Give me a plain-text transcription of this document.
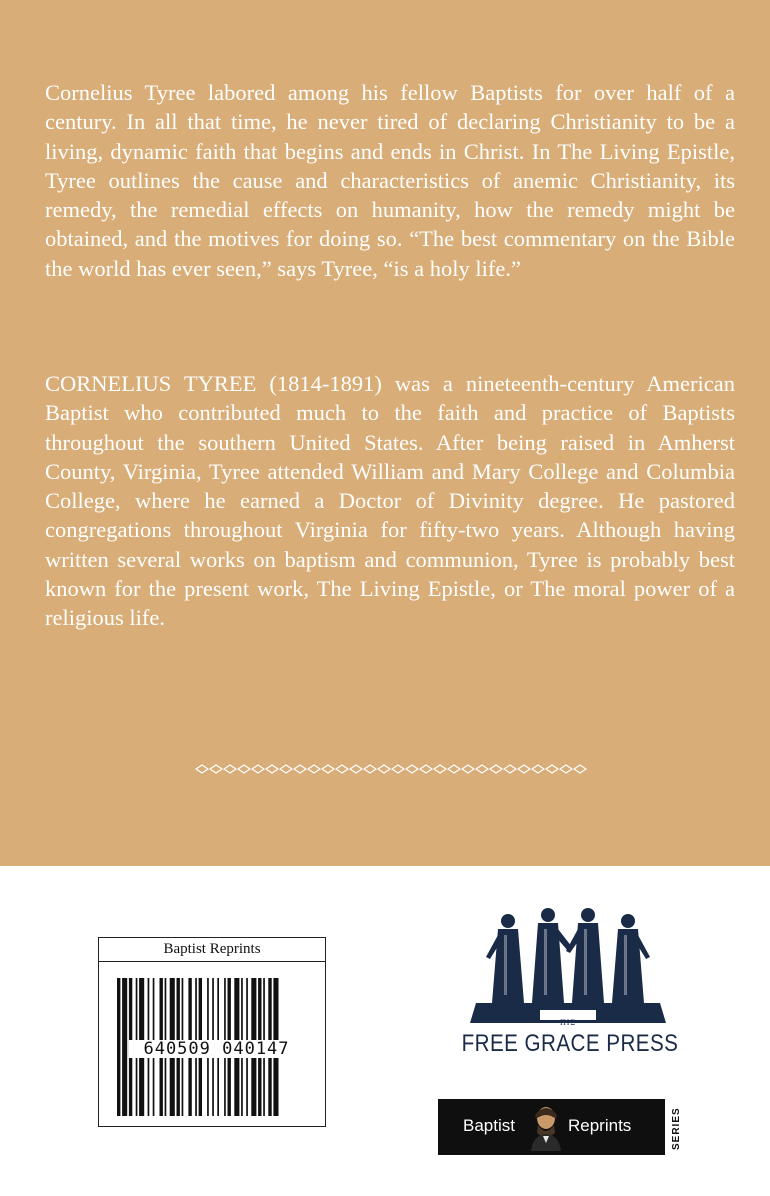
Cornelius Tyree labored among his fellow Baptists for over half of a century. In all that time, he never tired of declaring Christianity to be a living, dynamic faith that begins and ends in Christ. In The Living Epistle, Tyree outlines the cause and characteristics of anemic Christianity, its remedy, the remedial effects on humanity, how the remedy might be obtained, and the motives for doing so. “The best commentary on the Bible the world has ever seen,” says Tyree, “is a holy life.”

CORNELIUS TYREE (1814-1891) was a nineteenth-century American Baptist who contributed much to the faith and practice of Baptists throughout the southern United States. After being raised in Amherst County, Virginia, Tyree attended William and Mary College and Columbia College, where he earned a Doctor of Divinity degree. He pastored congregations throughout Virginia for fifty-two years. Although having written several works on baptism and communion, Tyree is probably best known for the present work, The Living Epistle, or The moral power of a religious life.

Baptist Reprints
640509 040147
ΠΙΣ
FREE GRACE PRESS
Baptist	Reprints	SERIES
